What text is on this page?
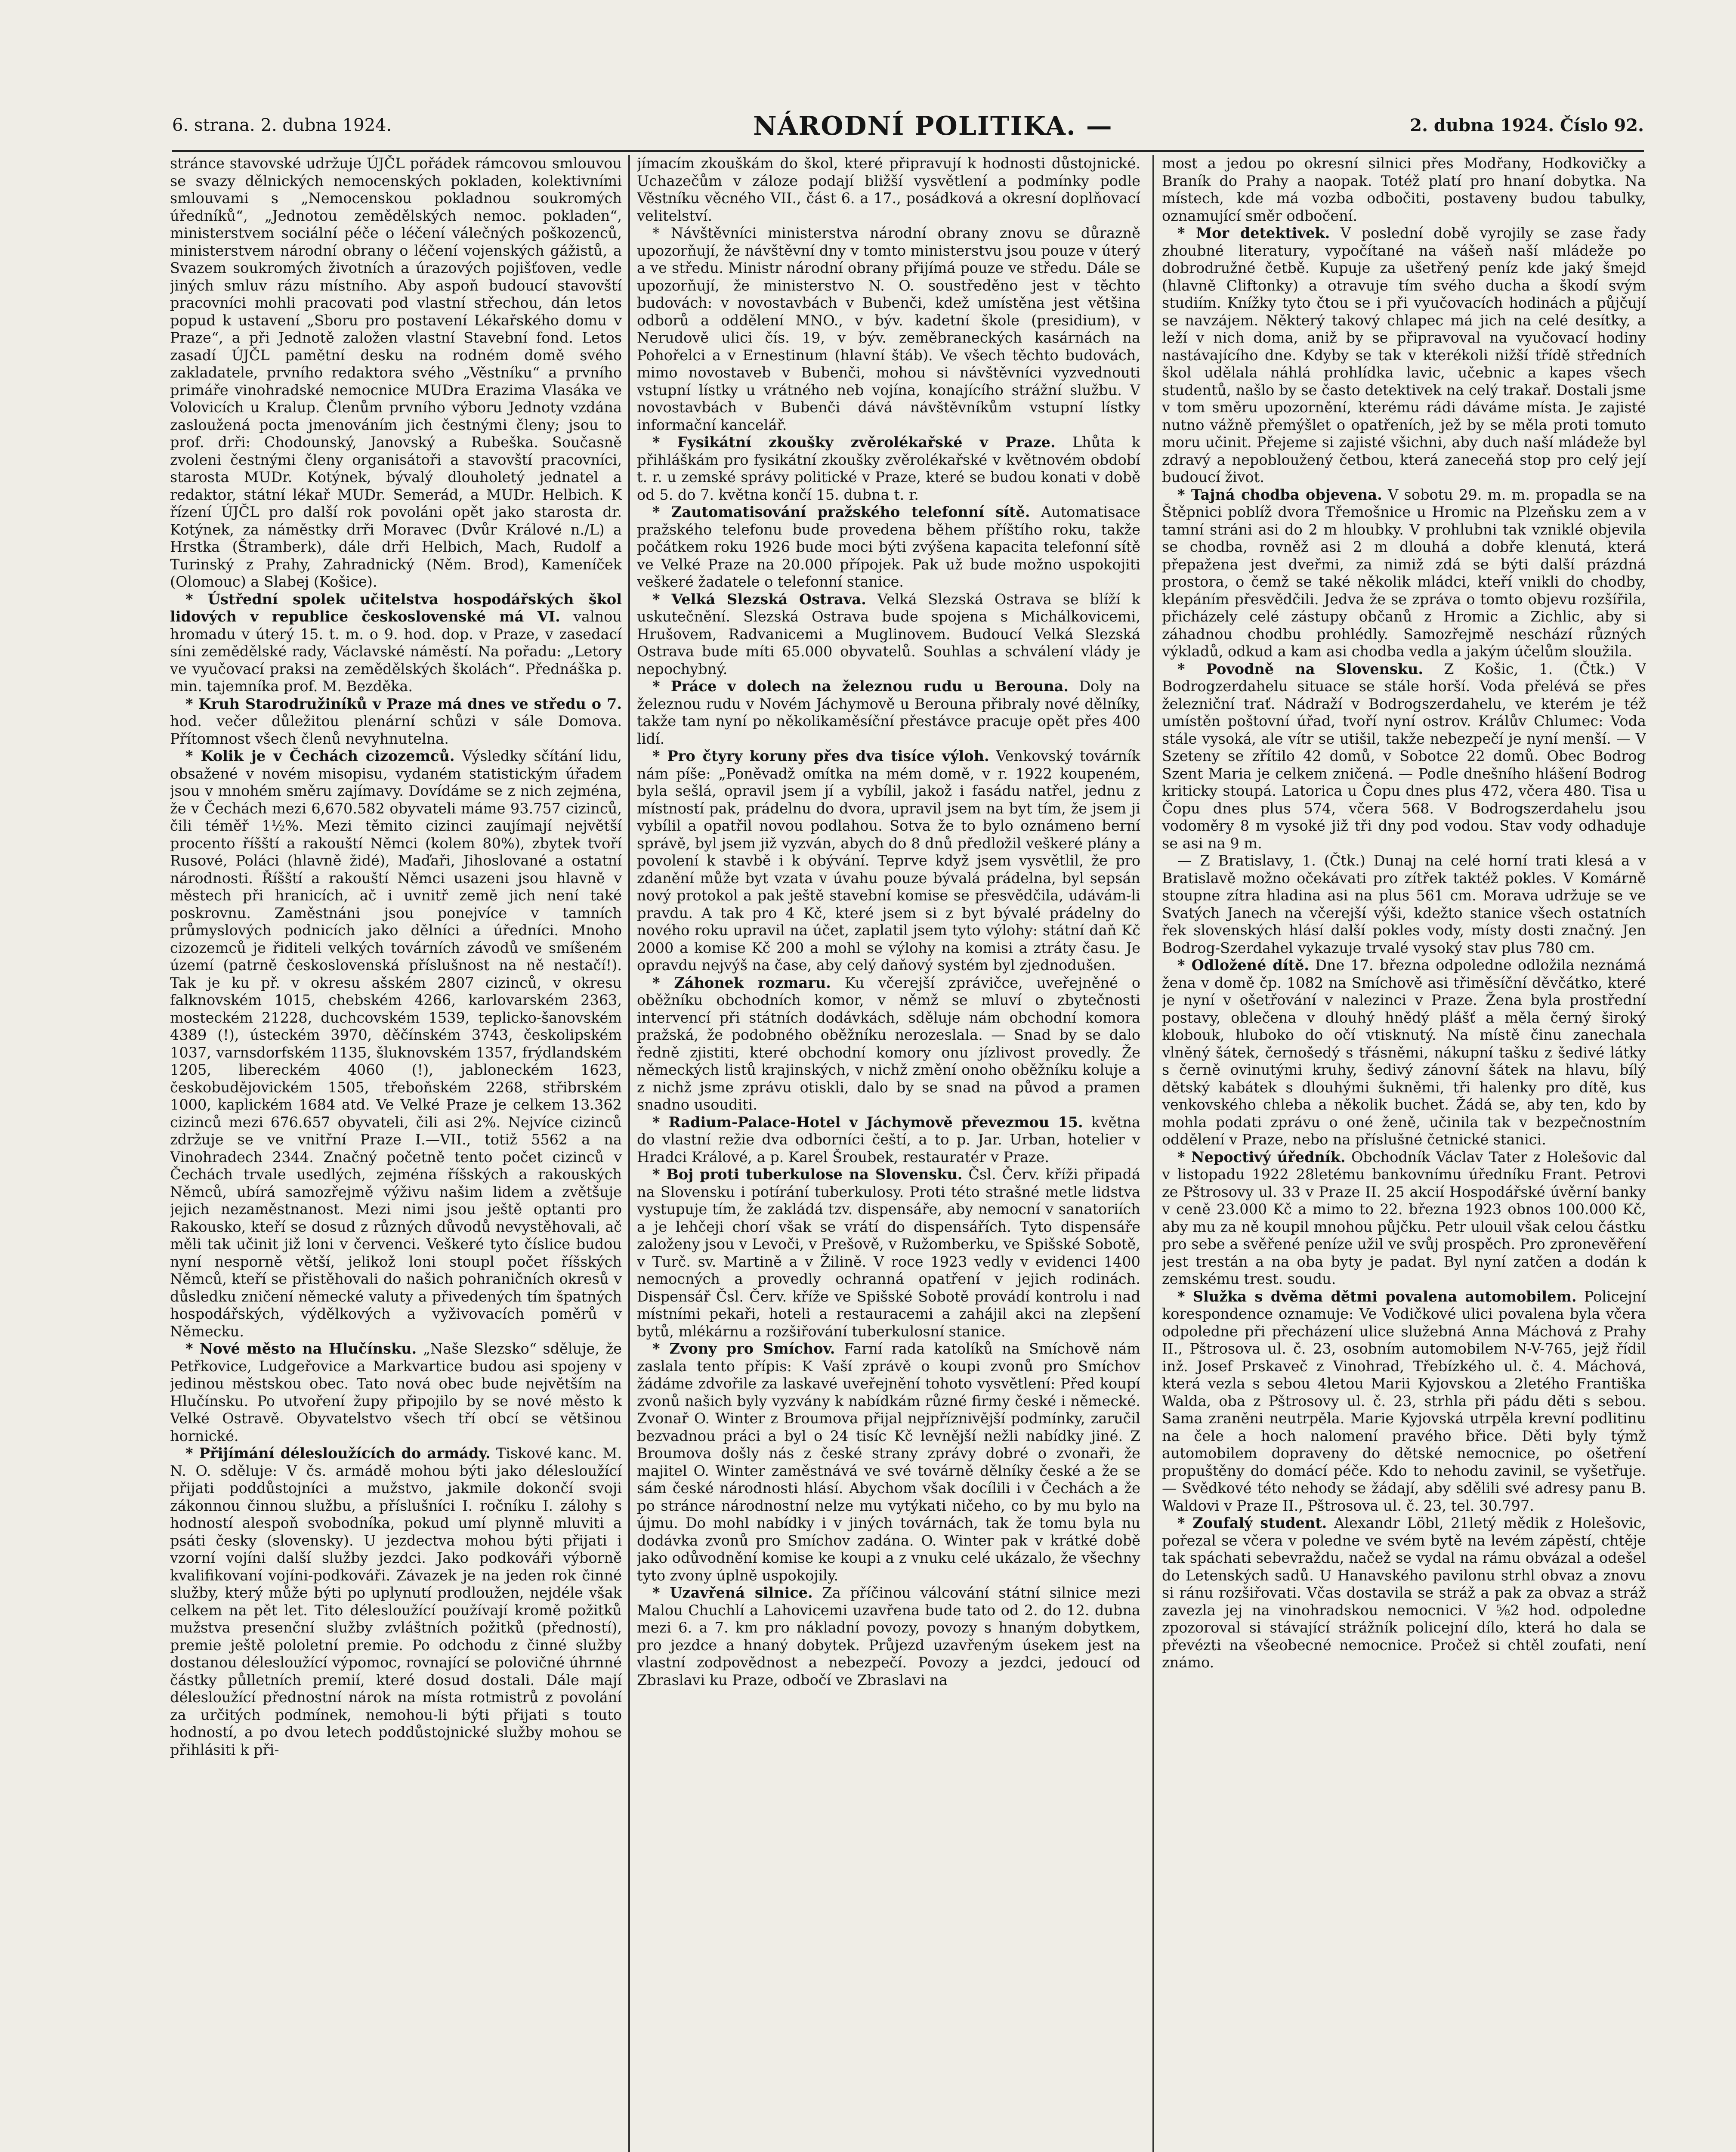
6. strana. 2. dubna 1924.	NÁRODNÍ POLITIKA. —	2. dubna 1924. Číslo 92.

stránce stavovské udržuje ÚJČL pořádek rámcovou smlouvou se svazy dělnických nemocenských pokladen, kolektivními smlouvami s „Nemocenskou pokladnou soukromých úředníků“, „Jednotou zemědělských nemoc. pokladen“, ministerstvem sociální péče o léčení válečných poškozenců, ministerstvem národní obrany o léčení vojenských gážistů, a Svazem soukromých životních a úrazových pojišťoven, vedle jiných smluv rázu místního. Aby aspoň budoucí stavovští pracovníci mohli pracovati pod vlastní střechou, dán letos popud k ustavení „Sboru pro postavení Lékařského domu v Praze“, a při Jednotě založen vlastní Stavební fond. Letos zasadí ÚJČL pamětní desku na rodném domě svého zakladatele, prvního redaktora svého „Věstníku“ a prvního primáře vinohradské nemocnice MUDra Erazima Vlasáka ve Volovicích u Kralup. Členům prvního výboru Jednoty vzdána zasloužená pocta jmenováním jich čestnými členy; jsou to prof. drři: Chodounský, Janovský a Rubeška. Současně zvoleni čestnými členy organisátoři a stavovští pracovníci, starosta MUDr. Kotýnek, bývalý dlouholetý jednatel a redaktor, státní lékař MUDr. Semerád, a MUDr. Helbich. K řízení ÚJČL pro další rok povoláni opět jako starosta dr. Kotýnek, za náměstky drři Moravec (Dvůr Králové n./L) a Hrstka (Štramberk), dále drři Helbich, Mach, Rudolf a Turinský z Prahy, Zahradnický (Něm. Brod), Kameníček (Olomouc) a Slabej (Košice).

* Ústřední spolek učitelstva hospodářských škol lidových v republice československé má VI. valnou hromadu v úterý 15. t. m. o 9. hod. dop. v Praze, v zasedací síni zemědělské rady, Václavské náměstí. Na pořadu: „Letory ve vyučovací praksi na zemědělských školách“. Přednáška p. min. tajemníka prof. M. Bezděka.

* Kruh Starodružiníků v Praze má dnes ve středu o 7. hod. večer důležitou plenární schůzi v sále Domova. Přítomnost všech členů nevyhnutelna.

* Kolik je v Čechách cizozemců. Výsledky sčítání lidu, obsažené v novém misopisu, vydaném statistickým úřadem jsou v mnohém směru zajímavy. Dovídáme se z nich zejména, že v Čechách mezi 6,670.582 obyvateli máme 93.757 cizinců, čili téměř 1½%. Mezi těmito cizinci zaujímají největší procento říšští a rakouští Němci (kolem 80%), zbytek tvoří Rusové, Poláci (hlavně židé), Maďaři, Jihoslované a ostatní národnosti. Říšští a rakouští Němci usazeni jsou hlavně v městech při hranicích, ač i uvnitř země jich není také poskrovnu. Zaměstnáni jsou ponejvíce v tamních průmyslových podnicích jako dělníci a úředníci. Mnoho cizozemců je řiditeli velkých továrních závodů ve smíšeném území (patrně československá příslušnost na ně nestačí!). Tak je ku př. v okresu ašském 2807 cizinců, v okresu falknovském 1015, chebském 4266, karlovarském 2363, mosteckém 21228, duchcovském 1539, teplicko-šanovském 4389 (!), ústeckém 3970, děčínském 3743, českolipském 1037, varnsdorfském 1135, šluknovském 1357, frýdlandském 1205, libereckém 4060 (!), jabloneckém 1623, českobudějovickém 1505, třeboňském 2268, střibrském 1000, kaplickém 1684 atd. Ve Velké Praze je celkem 13.362 cizinců mezi 676.657 obyvateli, čili asi 2%. Nejvíce cizinců zdržuje se ve vnitřní Praze I.—VII., totiž 5562 a na Vinohradech 2344. Značný početně tento počet cizinců v Čechách trvale usedlých, zejména říšských a rakouských Němců, ubírá samozřejmě výživu našim lidem a zvětšuje jejich nezaměstnanost. Mezi nimi jsou ještě optanti pro Rakousko, kteří se dosud z různých důvodů nevystěhovali, ač měli tak učinit již loni v červenci. Veškeré tyto číslice budou nyní nesporně větší, jelikož loni stoupl počet říšských Němců, kteří se přistěhovali do našich pohraničních okresů v důsledku zničení německé valuty a přivedených tím špatných hospodářských, výdělkových a vyživovacích poměrů v Německu.

* Nové město na Hlučínsku. „Naše Slezsko“ sděluje, že Petřkovice, Ludgeřovice a Markvartice budou asi spojeny v jedinou městskou obec. Tato nová obec bude největším na Hlučínsku. Po utvoření župy připojilo by se nové město k Velké Ostravě. Obyvatelstvo všech tří obcí se většinou hornické.

* Přijímání délesloužících do armády. Tiskové kanc. M. N. O. sděluje: V čs. armádě mohou býti jako délesloužící přijati poddůstojníci a mužstvo, jakmile dokončí svoji zákonnou činnou službu, a příslušníci I. ročníku I. zálohy s hodností alespoň svobodníka, pokud umí plynně mluviti a psáti česky (slovensky). U jezdectva mohou býti přijati i vzorní vojíni další služby jezdci. Jako podkováři výborně kvalifikovaní vojíni-podkováři. Závazek je na jeden rok činné služby, který může býti po uplynutí prodloužen, nejdéle však celkem na pět let. Tito délesloužící používají kromě požitků mužstva presenční služby zvláštních požitků (předností), premie ještě pololetní premie. Po odchodu z činné služby dostanou délesloužící výpomoc, rovnající se polovičné úhrnné částky půlletních premií, které dosud dostali. Dále mají délesloužící přednostní nárok na místa rotmistrů z povolání za určitých podmínek, nemohou-li býti přijati s touto hodností, a po dvou letech poddůstojnické služby mohou se přihlásiti k při-

jímacím zkouškám do škol, které připravují k hodnosti důstojnické. Uchazečům v záloze podají bližší vysvětlení a podmínky podle Věstníku věcného VII., část 6. a 17., posádková a okresní doplňovací velitelství.

* Návštěvníci ministerstva národní obrany znovu se důrazně upozorňují, že návštěvní dny v tomto ministerstvu jsou pouze v úterý a ve středu. Ministr národní obrany přijímá pouze ve středu. Dále se upozorňují, že ministerstvo N. O. soustředěno jest v těchto budovách: v novostavbách v Bubenči, kdež umístěna jest většina odborů a oddělení MNO., v býv. kadetní škole (presidium), v Nerudově ulici čís. 19, v býv. zeměbraneckých kasárnách na Pohořelci a v Ernestinum (hlavní štáb). Ve všech těchto budovách, mimo novostaveb v Bubenči, mohou si návštěvníci vyzvednouti vstupní lístky u vrátného neb vojína, konajícího strážní službu. V novostavbách v Bubenči dává návštěvníkům vstupní lístky informační kancelář.

* Fysikátní zkoušky zvěrolékařské v Praze. Lhůta k přihláškám pro fysikátní zkoušky zvěrolékařské v květnovém období t. r. u zemské správy politické v Praze, které se budou konati v době od 5. do 7. května končí 15. dubna t. r.

* Zautomatisování pražského telefonní sítě. Automatisace pražského telefonu bude provedena během příštího roku, takže počátkem roku 1926 bude moci býti zvýšena kapacita telefonní sítě ve Velké Praze na 20.000 přípojek. Pak už bude možno uspokojiti veškeré žadatele o telefonní stanice.

* Velká Slezská Ostrava. Velká Slezská Ostrava se blíží k uskutečnění. Slezská Ostrava bude spojena s Michálkovicemi, Hrušovem, Radvanicemi a Muglinovem. Budoucí Velká Slezská Ostrava bude míti 65.000 obyvatelů. Souhlas a schválení vlády je nepochybný.

* Práce v dolech na železnou rudu u Berouna. Doly na železnou rudu v Novém Jáchymově u Berouna přibraly nové dělníky, takže tam nyní po několikaměsíční přestávce pracuje opět přes 400 lidí.

* Pro čtyry koruny přes dva tisíce výloh. Venkovský továrník nám píše: „Poněvadž omítka na mém domě, v r. 1922 koupeném, byla sešlá, opravil jsem jí a vybílil, jakož i fasádu natřel, jednu z místností pak, prádelnu do dvora, upravil jsem na byt tím, že jsem ji vybílil a opatřil novou podlahou. Sotva že to bylo oznámeno berní správě, byl jsem již vyzván, abych do 8 dnů předložil veškeré plány a povolení k stavbě i k obývání. Teprve když jsem vysvětlil, že pro zdanění může byt vzata v úvahu pouze bývalá prádelna, byl sepsán nový protokol a pak ještě stavební komise se přesvědčila, udávám-li pravdu. A tak pro 4 Kč, které jsem si z byt bývalé prádelny do nového roku upravil na účet, zaplatil jsem tyto výlohy: státní daň Kč 2000 a komise Kč 200 a mohl se výlohy na komisi a ztráty času. Je opravdu nejvýš na čase, aby celý daňový systém byl zjednodušen.

* Záhonek rozmaru. Ku včerejší zprávičce, uveřejněné o oběžníku obchodních komor, v němž se mluví o zbytečnosti intervencí při státních dodávkách, sděluje nám obchodní komora pražská, že podobného oběžníku nerozeslala. — Snad by se dalo ředně zjistiti, které obchodní komory onu jízlivost provedly. Že německých listů krajinských, v nichž změní onoho oběžníku koluje a z nichž jsme zprávu otiskli, dalo by se snad na původ a pramen snadno usouditi.

* Radium-Palace-Hotel v Jáchymově převezmou 15. května do vlastní režie dva odborníci čeští, a to p. Jar. Urban, hotelier v Hradci Králové, a p. Karel Šroubek, restauratér v Praze.

* Boj proti tuberkulose na Slovensku. Čsl. Červ. kříži připadá na Slovensku i potírání tuberkulosy. Proti této strašné metle lidstva vystupuje tím, že zakládá tzv. dispensáře, aby nemocní v sanatoriích a je lehčeji chorí však se vrátí do dispensářích. Tyto dispensáře založeny jsou v Levoči, v Prešově, v Ružomberku, ve Spišské Sobotě, v Turč. sv. Martině a v Žilině. V roce 1923 vedly v evidenci 1400 nemocných a provedly ochranná opatření v jejich rodinách. Dispensář Čsl. Červ. kříže ve Spišské Sobotě provádí kontrolu i nad místními pekaři, hoteli a restauracemi a zahájil akci na zlepšení bytů, mlékárnu a rozšiřování tuberkulosní stanice.

* Zvony pro Smíchov. Farní rada katolíků na Smíchově nám zaslala tento přípis: K Vaší zprávě o koupi zvonů pro Smíchov žádáme zdvořile za laskavé uveřejnění tohoto vysvětlení: Před koupí zvonů našich byly vyzvány k nabídkám různé firmy české i německé. Zvonař O. Winter z Broumova přijal nejpříznivější podmínky, zaručil bezvadnou práci a byl o 24 tisíc Kč levnější nežli nabídky jiné. Z Broumova došly nás z české strany zprávy dobré o zvonaři, že majitel O. Winter zaměstnává ve své továrně dělníky české a že se sám české národnosti hlásí. Abychom však docílili i v Čechách a že po stránce národnostní nelze mu vytýkati ničeho, co by mu bylo na újmu. Do mohl nabídky i v jiných továrnách, tak že tomu byla nu dodávka zvonů pro Smíchov zadána. O. Winter pak v krátké době jako odůvodnění komise ke koupi a z vnuku celé ukázalo, že všechny tyto zvony úplně uspokojily.

* Uzavřená silnice. Za příčinou válcování státní silnice mezi Malou Chuchlí a Lahovicemi uzavřena bude tato od 2. do 12. dubna mezi 6. a 7. km pro nákladní povozy, povozy s hnaným dobytkem, pro jezdce a hnaný dobytek. Průjezd uzavřeným úsekem jest na vlastní zodpovědnost a nebezpečí. Povozy a jezdci, jedoucí od Zbraslavi ku Praze, odbočí ve Zbraslavi na

most a jedou po okresní silnici přes Modřany, Hodkovičky a Braník do Prahy a naopak. Totéž platí pro hnaní dobytka. Na místech, kde má vozba odbočiti, postaveny budou tabulky, oznamující směr odbočení.

* Mor detektivek. V poslední době vyrojily se zase řady zhoubné literatury, vypočítané na vášeň naší mládeže po dobrodružné četbě. Kupuje za ušetřený peníz kde jaký šmejd (hlavně Cliftonky) a otravuje tím svého ducha a škodí svým studiím. Knížky tyto čtou se i při vyučovacích hodinách a půjčují se navzájem. Některý takový chlapec má jich na celé desítky, a leží v nich doma, aniž by se připravoval na vyučovací hodiny nastávajícího dne. Kdyby se tak v kterékoli nižší třídě středních škol udělala náhlá prohlídka lavic, učebnic a kapes všech studentů, našlo by se často detektivek na celý trakař. Dostali jsme v tom směru upozornění, kterému rádi dáváme místa. Je zajisté nutno vážně přemýšlet o opatřeních, jež by se měla proti tomuto moru učinit. Přejeme si zajisté všichni, aby duch naší mládeže byl zdravý a nepobloužený četbou, která zaneceňá stop pro celý její budoucí život.

* Tajná chodba objevena. V sobotu 29. m. m. propadla se na Štěpnici poblíž dvora Třemošnice u Hromic na Plzeňsku zem a v tamní stráni asi do 2 m hloubky. V prohlubni tak vzniklé objevila se chodba, rovněž asi 2 m dlouhá a dobře klenutá, která přepažena jest dveřmi, za nimiž zdá se býti další prázdná prostora, o čemž se také několik mládci, kteří vnikli do chodby, klepáním přesvědčili. Jedva že se zpráva o tomto objevu rozšířila, přicházely celé zástupy občanů z Hromic a Zichlic, aby si záhadnou chodbu prohlédly. Samozřejmě neschází různých výkladů, odkud a kam asi chodba vedla a jakým účelům sloužila.

* Povodně na Slovensku. Z Košic, 1. (Čtk.) V Bodrogzerdahelu situace se stále horší. Voda přelévá se přes železniční trať. Nádraží v Bodrogszerdahelu, ve kterém je též umístěn poštovní úřad, tvoří nyní ostrov. Králův Chlumec: Voda stále vysoká, ale vítr se utišil, takže nebezpečí je nyní menší. — V Szeteny se zřítilo 42 domů, v Sobotce 22 domů. Obec Bodrog Szent Maria je celkem zničená. — Podle dnešního hlášení Bodrog kriticky stoupá. Latorica u Čopu dnes plus 472, včera 480. Tisa u Čopu dnes plus 574, včera 568. V Bodrogszerdahelu jsou vodoměry 8 m vysoké již tři dny pod vodou. Stav vody odhaduje se asi na 9 m.

— Z Bratislavy, 1. (Čtk.) Dunaj na celé horní trati klesá a v Bratislavě možno očekávati pro zítřek taktéž pokles. V Komárně stoupne zítra hladina asi na plus 561 cm. Morava udržuje se ve Svatých Janech na včerejší výši, kdežto stanice všech ostatních řek slovenských hlásí další pokles vody, místy dosti značný. Jen Bodrog-Szerdahel vykazuje trvalé vysoký stav plus 780 cm.

* Odložené dítě. Dne 17. března odpoledne odložila neznámá žena v domě čp. 1082 na Smíchově asi třiměsíční děvčátko, které je nyní v ošetřování v nalezinci v Praze. Žena byla prostřední postavy, oblečena v dlouhý hnědý plášť a měla černý široký klobouk, hluboko do očí vtisknutý. Na místě činu zanechala vlněný šátek, černošedý s třásněmi, nákupní tašku z šedivé látky s černě ovinutými kruhy, šedivý zánovní šátek na hlavu, bílý dětský kabátek s dlouhými šukněmi, tři halenky pro dítě, kus venkovského chleba a několik buchet. Žádá se, aby ten, kdo by mohla podati zprávu o oné ženě, učinila tak v bezpečnostním oddělení v Praze, nebo na příslušné četnické stanici.

* Nepoctivý úředník. Obchodník Václav Tater z Holešovic dal v listopadu 1922 28letému bankovnímu úředníku Frant. Petrovi ze Pštrosovy ul. 33 v Praze II. 25 akcií Hospodářské úvěrní banky v ceně 23.000 Kč a mimo to 22. března 1923 obnos 100.000 Kč, aby mu za ně koupil mnohou půjčku. Petr ulouil však celou částku pro sebe a svěřené peníze užil ve svůj prospěch. Pro zpronevěření jest trestán a na oba byty je padat. Byl nyní zatčen a dodán k zemskému trest. soudu.

* Služka s dvěma dětmi povalena automobilem. Policejní korespondence oznamuje: Ve Vodičkové ulici povalena byla včera odpoledne při přecházení ulice služebná Anna Máchová z Prahy II., Pštrosova ul. č. 23, osobním automobilem N-V-765, jejž řídil inž. Josef Prskaveč z Vinohrad, Třebízkého ul. č. 4. Máchová, která vezla s sebou 4letou Marii Kyjovskou a 2letého Františka Walda, oba z Pštrosovy ul. č. 23, strhla při pádu děti s sebou. Sama zraněni neutrpěla. Marie Kyjovská utrpěla krevní podlitinu na čele a hoch nalomení pravého břice. Děti byly týmž automobilem dopraveny do dětské nemocnice, po ošetření propuštěny do domácí péče. Kdo to nehodu zavinil, se vyšetřuje. — Svědkové této nehody se žádají, aby sdělili své adresy panu B. Waldovi v Praze II., Pštrosova ul. č. 23, tel. 30.797.

* Zoufalý student. Alexandr Löbl, 21letý mědik z Holešovic, pořezal se včera v poledne ve svém bytě na levém zápěstí, chtěje tak spáchati sebevraždu, načež se vydal na rámu obvázal a odešel do Letenských sadů. U Hanavského pavilonu strhl obvaz a znovu si ránu rozšiřovati. Včas dostavila se stráž a pak za obvaz a stráž zavezla jej na vinohradskou nemocnici. V ⅝2 hod. odpoledne zpozoroval si stávající strážník policejní dílo, která ho dala se převézti na všeobecné nemocnice. Pročež si chtěl zoufati, není známo.
